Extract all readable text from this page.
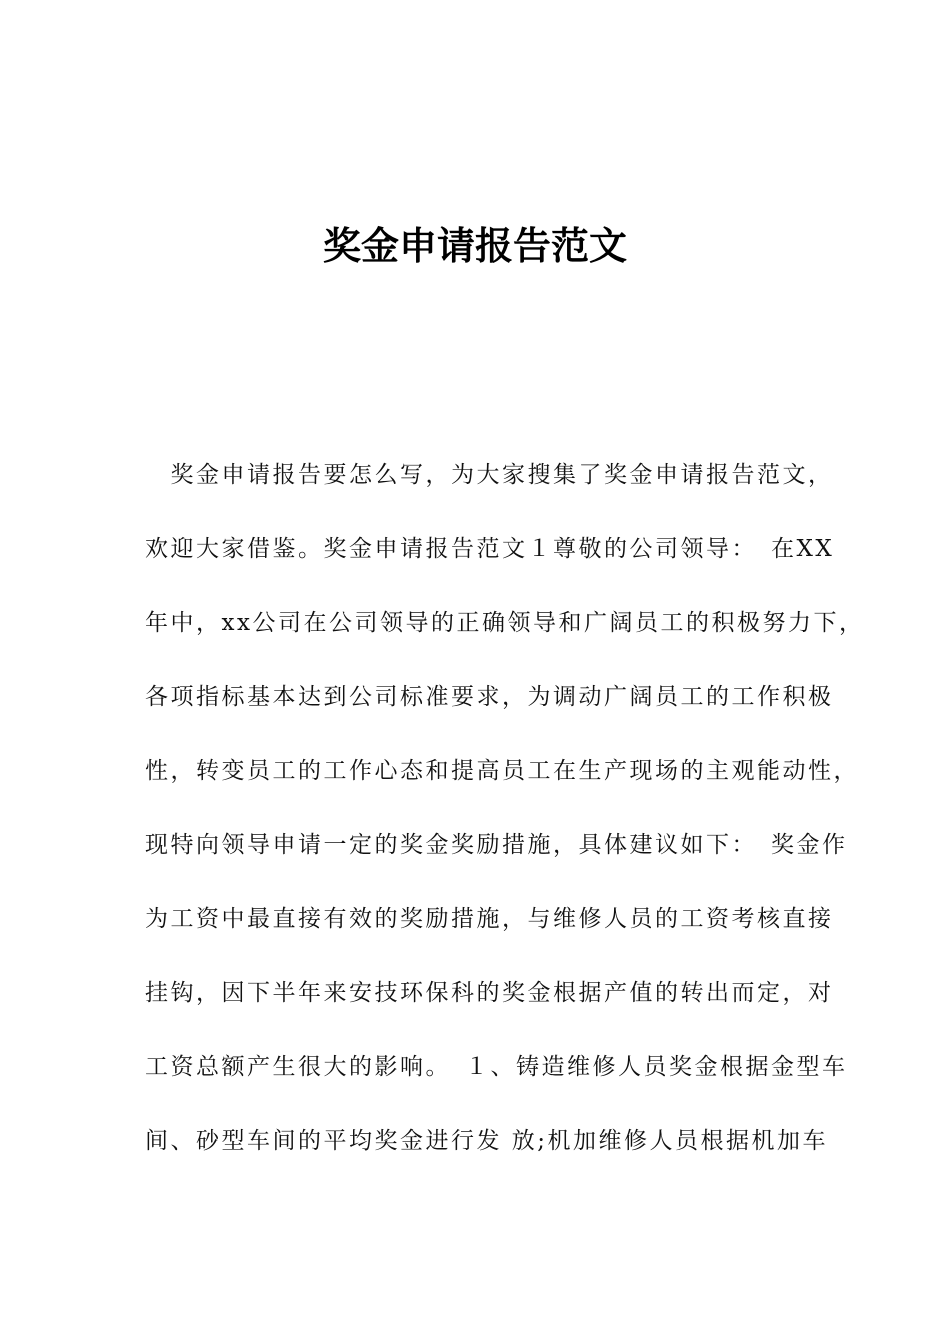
奖金申请报告范文
　奖金申请报告要怎么写，为大家搜集了奖金申请报告范文，
欢迎大家借鉴。奖金申请报告范文１尊敬的公司领导：　在XX
年中，xx公司在公司领导的正确领导和广阔员工的积极努力下，
各项指标基本达到公司标准要求，为调动广阔员工的工作积极
性，转变员工的工作心态和提高员工在生产现场的主观能动性，
现特向领导申请一定的奖金奖励措施，具体建议如下：　奖金作
为工资中最直接有效的奖励措施，与维修人员的工资考核直接
挂钩，因下半年来安技环保科的奖金根据产值的转出而定，对
工资总额产生很大的影响。　１、铸造维修人员奖金根据金型车
间、砂型车间的平均奖金进行发 放;机加维修人员根据机加车
